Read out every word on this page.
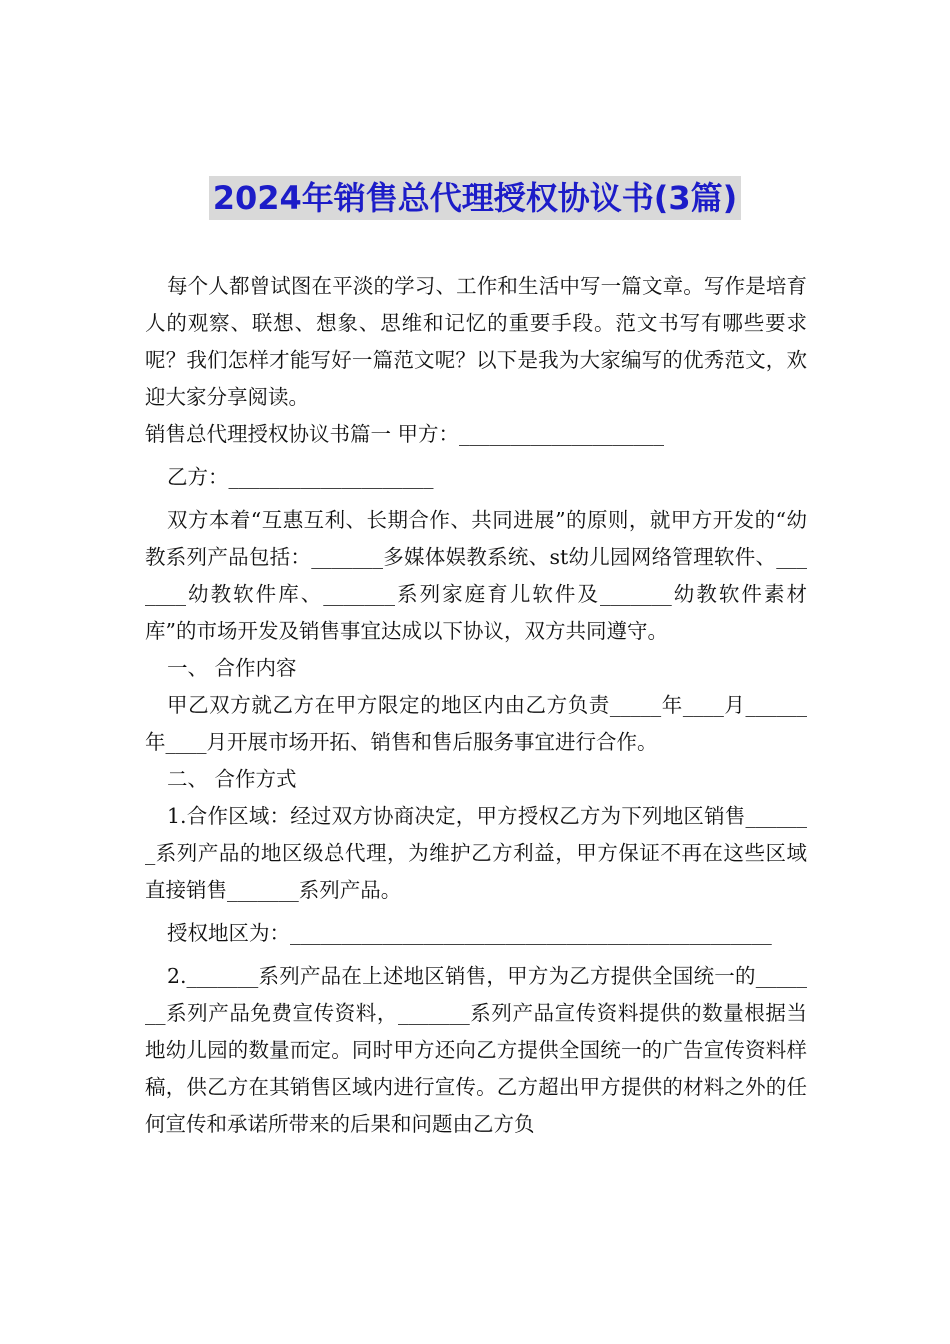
2024年销售总代理授权协议书(3篇)

每个人都曾试图在平淡的学习、工作和生活中写一篇文章。写作是培育人的观察、联想、想象、思维和记忆的重要手段。范文书写有哪些要求呢？我们怎样才能写好一篇范文呢？以下是我为大家编写的优秀范文，欢迎大家分享阅读。

销售总代理授权协议书篇一 甲方：____________________

乙方：____________________

双方本着“互惠互利、长期合作、共同进展”的原则，就甲方开发的“幼教系列产品包括：_______多媒体娱教系统、st幼儿园网络管理软件、_______幼教软件库、_______系列家庭育儿软件及_______幼教软件素材库”的市场开发及销售事宜达成以下协议，双方共同遵守。

一、 合作内容

甲乙双方就乙方在甲方限定的地区内由乙方负责_____年____月______年____月开展市场开拓、销售和售后服务事宜进行合作。

二、 合作方式

1.合作区域：经过双方协商决定，甲方授权乙方为下列地区销售_______系列产品的地区级总代理，为维护乙方利益，甲方保证不再在这些区域直接销售_______系列产品。

授权地区为：_______________________________________________

2._______系列产品在上述地区销售，甲方为乙方提供全国统一的_______系列产品免费宣传资料，_______系列产品宣传资料提供的数量根据当地幼儿园的数量而定。同时甲方还向乙方提供全国统一的广告宣传资料样稿，供乙方在其销售区域内进行宣传。乙方超出甲方提供的材料之外的任何宣传和承诺所带来的后果和问题由乙方负
